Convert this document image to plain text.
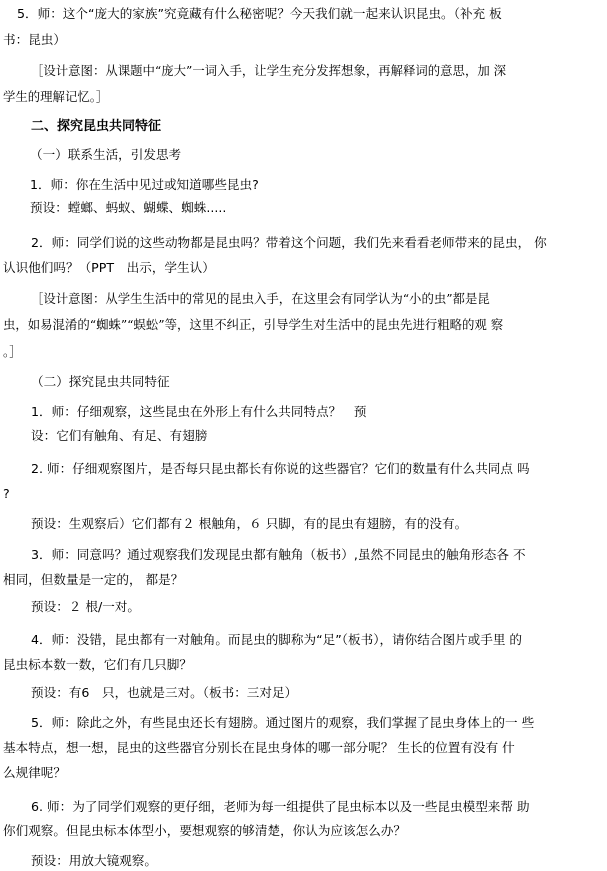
5．师：这个“庞大的家族”究竟藏有什么秘密呢？今天我们就一起来认识昆虫。（补充 板

书：昆虫）

［设计意图：从课题中“庞大”一词入手，让学生充分发挥想象，再解释词的意思，加 深

学生的理解记忆。］

二、探究昆虫共同特征

（一）联系生活，引发思考

1．师：你在生活中见过或知道哪些昆虫?

预设：螳螂、蚂蚁、蝴蝶、蜘蛛.....

2．师：同学们说的这些动物都是昆虫吗？带着这个问题，我们先来看看老师带来的昆虫， 你

认识他们吗？（PPT　出示，学生认）

［设计意图：从学生生活中的常见的昆虫入手，在这里会有同学认为“小的虫”都是昆

虫，如易混淆的“蜘蛛”“蜈蚣”等，这里不纠正，引导学生对生活中的昆虫先进行粗略的观 察

。］

（二）探究昆虫共同特征

1．师：仔细观察，这些昆虫在外形上有什么共同特点？　预

设：它们有触角、有足、有翅膀

2. 师：仔细观察图片，是否每只昆虫都长有你说的这些器官？它们的数量有什么共同点 吗

?

预设：生观察后）它们都有２ 根触角，６ 只脚，有的昆虫有翅膀，有的没有。

3．师：同意吗？通过观察我们发现昆虫都有触角（板书）,虽然不同昆虫的触角形态各 不

相同，但数量是一定的， 都是？

预设：２ 根/一对。

4．师：没错，昆虫都有一对触角。而昆虫的脚称为“足”（板书），请你结合图片或手里 的

昆虫标本数一数，它们有几只脚？

预设：有6　只，也就是三对。（板书：三对足）

5．师：除此之外，有些昆虫还长有翅膀。通过图片的观察，我们掌握了昆虫身体上的一 些

基本特点，想一想，昆虫的这些器官分别长在昆虫身体的哪一部分呢？ 生长的位置有没有 什

么规律呢？

6. 师：为了同学们观察的更仔细，老师为每一组提供了昆虫标本以及一些昆虫模型来帮 助

你们观察。但昆虫标本体型小，要想观察的够清楚，你认为应该怎么办？

预设：用放大镜观察。
